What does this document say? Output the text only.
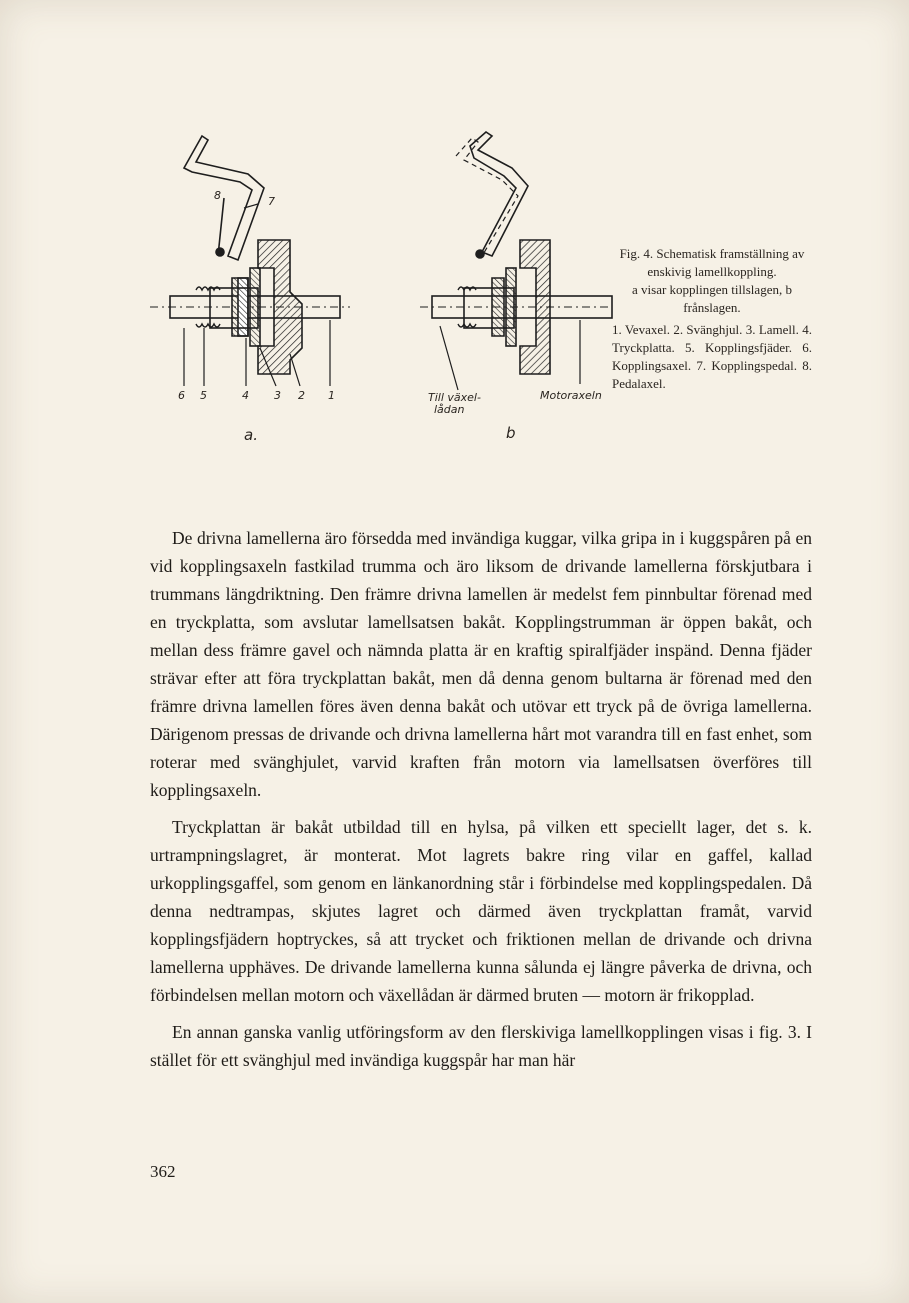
8	7
6 5	4 3 2 1
a.
Till växel-
lådan
Motoraxeln
b

Fig. 4. Schematisk framställning av enskivig lamellkoppling.

a visar kopplingen tillslagen, b frånslagen.

1. Vevaxel. 2. Svänghjul. 3. Lamell. 4. Tryckplatta. 5. Kopplingsfjäder. 6. Kopplingsaxel. 7. Kopplingspedal. 8. Pedalaxel.

De drivna lamellerna äro försedda med invändiga kuggar, vilka gripa in i kuggspåren på en vid kopplingsaxeln fastkilad trumma och äro liksom de drivande lamellerna förskjutbara i trummans längdriktning. Den främre drivna lamellen är medelst fem pinnbultar förenad med en tryckplatta, som avslutar lamellsatsen bakåt. Kopplingstrumman är öppen bakåt, och mellan dess främre gavel och nämnda platta är en kraftig spiralfjäder inspänd. Denna fjäder strävar efter att föra tryckplattan bakåt, men då denna genom bultarna är förenad med den främre drivna lamellen föres även denna bakåt och utövar ett tryck på de övriga lamellerna. Därigenom pressas de drivande och drivna lamellerna hårt mot varandra till en fast enhet, som roterar med svänghjulet, varvid kraften från motorn via lamellsatsen överföres till kopplingsaxeln.

Tryckplattan är bakåt utbildad till en hylsa, på vilken ett speciellt lager, det s. k. urtrampningslagret, är monterat. Mot lagrets bakre ring vilar en gaffel, kallad urkopplingsgaffel, som genom en länkanordning står i förbindelse med kopplingspedalen. Då denna nedtrampas, skjutes lagret och därmed även tryckplattan framåt, varvid kopplingsfjädern hoptryckes, så att trycket och friktionen mellan de drivande och drivna lamellerna upphäves. De drivande lamellerna kunna sålunda ej längre påverka de drivna, och förbindelsen mellan motorn och växellådan är därmed bruten — motorn är frikopplad.

En annan ganska vanlig utföringsform av den flerskiviga lamellkopplingen visas i fig. 3. I stället för ett svänghjul med invändiga kuggspår har man här

362
